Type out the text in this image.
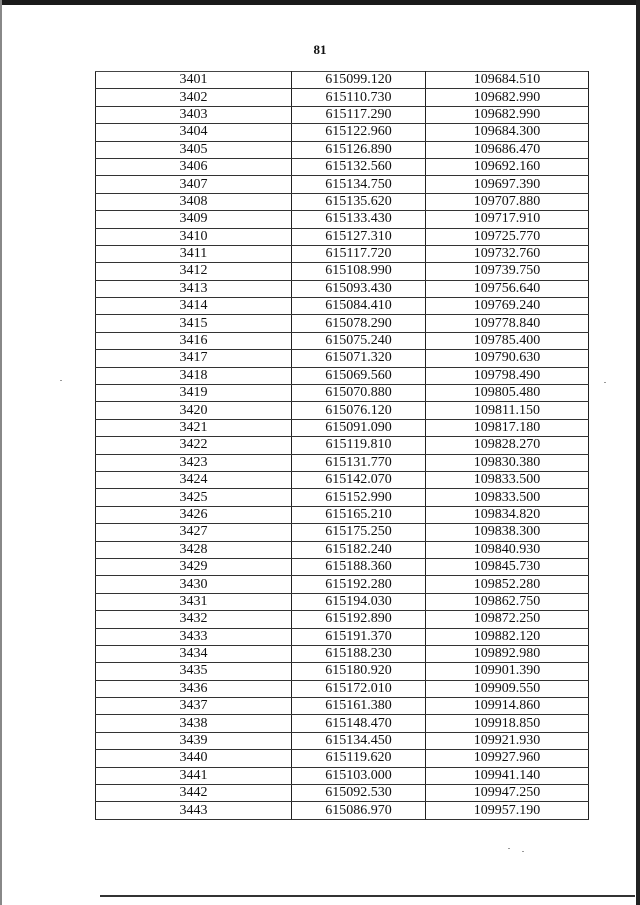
81
3401	615099.120	109684.510
3402	615110.730	109682.990
3403	615117.290	109682.990
3404	615122.960	109684.300
3405	615126.890	109686.470
3406	615132.560	109692.160
3407	615134.750	109697.390
3408	615135.620	109707.880
3409	615133.430	109717.910
3410	615127.310	109725.770
3411	615117.720	109732.760
3412	615108.990	109739.750
3413	615093.430	109756.640
3414	615084.410	109769.240
3415	615078.290	109778.840
3416	615075.240	109785.400
3417	615071.320	109790.630
3418	615069.560	109798.490
3419	615070.880	109805.480
3420	615076.120	109811.150
3421	615091.090	109817.180
3422	615119.810	109828.270
3423	615131.770	109830.380
3424	615142.070	109833.500
3425	615152.990	109833.500
3426	615165.210	109834.820
3427	615175.250	109838.300
3428	615182.240	109840.930
3429	615188.360	109845.730
3430	615192.280	109852.280
3431	615194.030	109862.750
3432	615192.890	109872.250
3433	615191.370	109882.120
3434	615188.230	109892.980
3435	615180.920	109901.390
3436	615172.010	109909.550
3437	615161.380	109914.860
3438	615148.470	109918.850
3439	615134.450	109921.930
3440	615119.620	109927.960
3441	615103.000	109941.140
3442	615092.530	109947.250
3443	615086.970	109957.190
